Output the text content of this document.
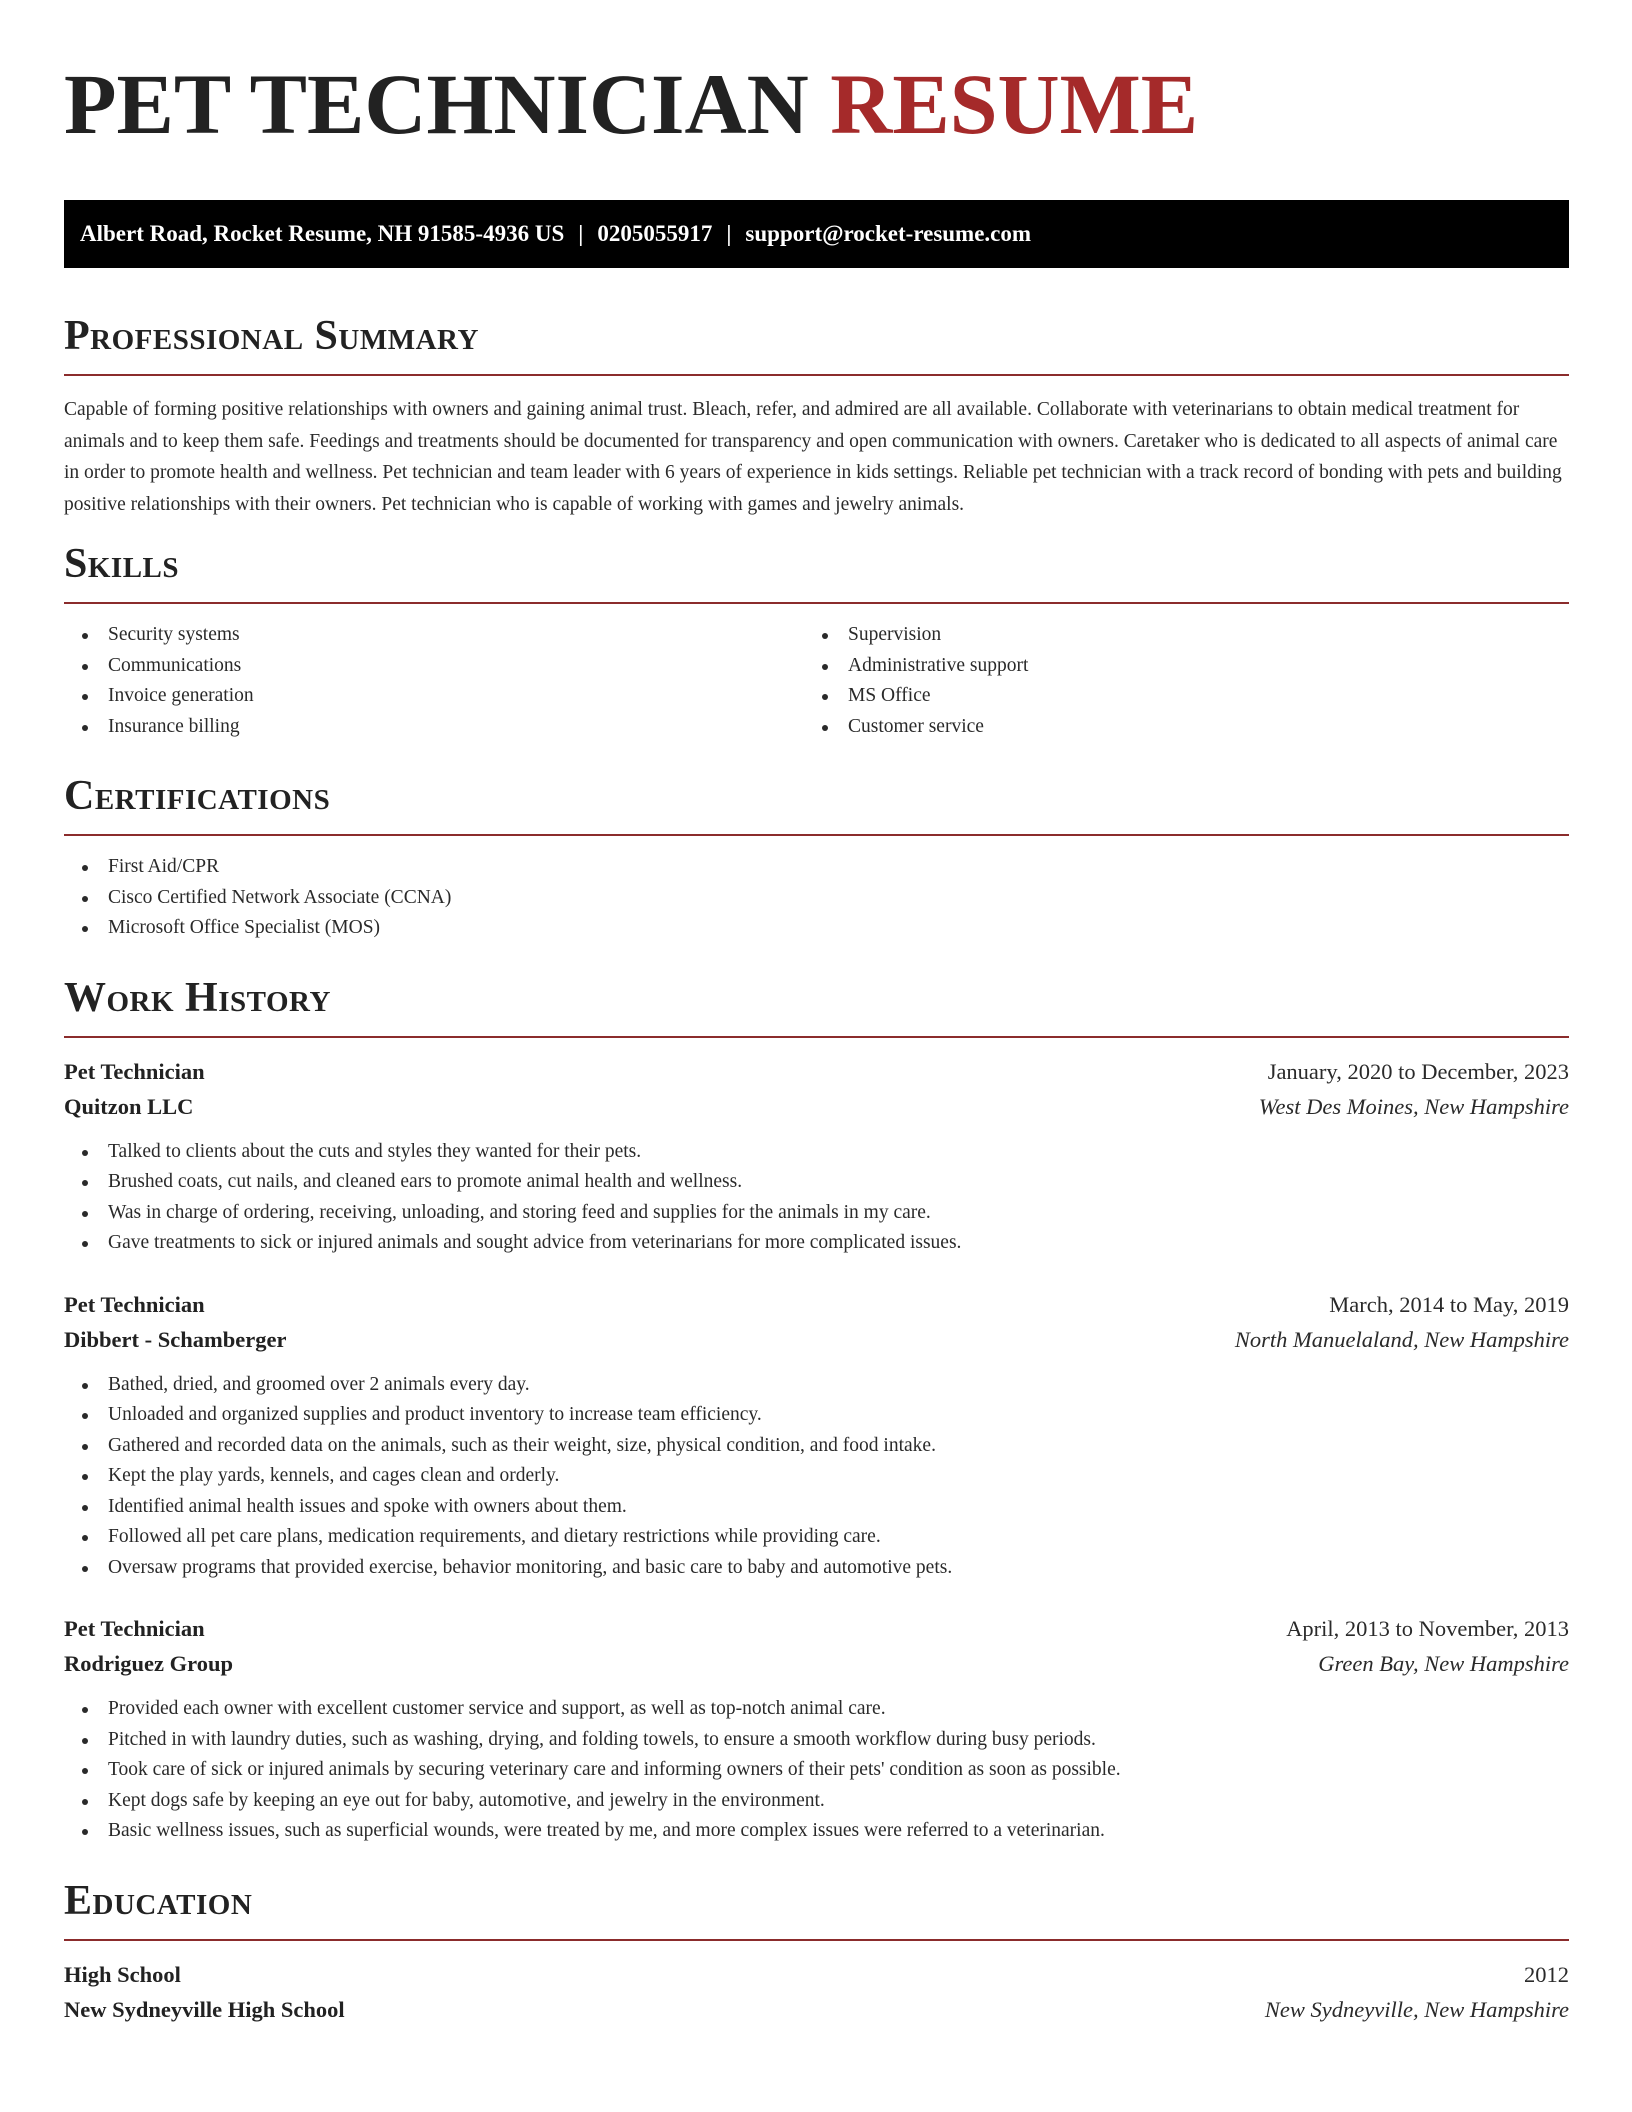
PET TECHNICIAN RESUME
Albert Road, Rocket Resume, NH 91585-4936 US | 0205055917 | support@rocket-resume.com
Professional Summary

Capable of forming positive relationships with owners and gaining animal trust. Bleach, refer, and admired are all available. Collaborate with veterinarians to obtain medical treatment for animals and to keep them safe. Feedings and treatments should be documented for transparency and open communication with owners. Caretaker who is dedicated to all aspects of animal care in order to promote health and wellness. Pet technician and team leader with 6 years of experience in kids settings. Reliable pet technician with a track record of bonding with pets and building positive relationships with their owners. Pet technician who is capable of working with games and jewelry animals.

Skills
Security systems
Communications
Invoice generation
Insurance billing
Supervision
Administrative support
MS Office
Customer service
Certifications
First Aid/CPR
Cisco Certified Network Associate (CCNA)
Microsoft Office Specialist (MOS)
Work History
Pet Technician	January, 2020 to December, 2023
Quitzon LLC	West Des Moines, New Hampshire
Talked to clients about the cuts and styles they wanted for their pets.
Brushed coats, cut nails, and cleaned ears to promote animal health and wellness.
Was in charge of ordering, receiving, unloading, and storing feed and supplies for the animals in my care.
Gave treatments to sick or injured animals and sought advice from veterinarians for more complicated issues.
Pet Technician	March, 2014 to May, 2019
Dibbert - Schamberger	North Manuelaland, New Hampshire
Bathed, dried, and groomed over 2 animals every day.
Unloaded and organized supplies and product inventory to increase team efficiency.
Gathered and recorded data on the animals, such as their weight, size, physical condition, and food intake.
Kept the play yards, kennels, and cages clean and orderly.
Identified animal health issues and spoke with owners about them.
Followed all pet care plans, medication requirements, and dietary restrictions while providing care.
Oversaw programs that provided exercise, behavior monitoring, and basic care to baby and automotive pets.
Pet Technician	April, 2013 to November, 2013
Rodriguez Group	Green Bay, New Hampshire
Provided each owner with excellent customer service and support, as well as top-notch animal care.
Pitched in with laundry duties, such as washing, drying, and folding towels, to ensure a smooth workflow during busy periods.
Took care of sick or injured animals by securing veterinary care and informing owners of their pets' condition as soon as possible.
Kept dogs safe by keeping an eye out for baby, automotive, and jewelry in the environment.
Basic wellness issues, such as superficial wounds, were treated by me, and more complex issues were referred to a veterinarian.
Education
High School	2012
New Sydneyville High School	New Sydneyville, New Hampshire
